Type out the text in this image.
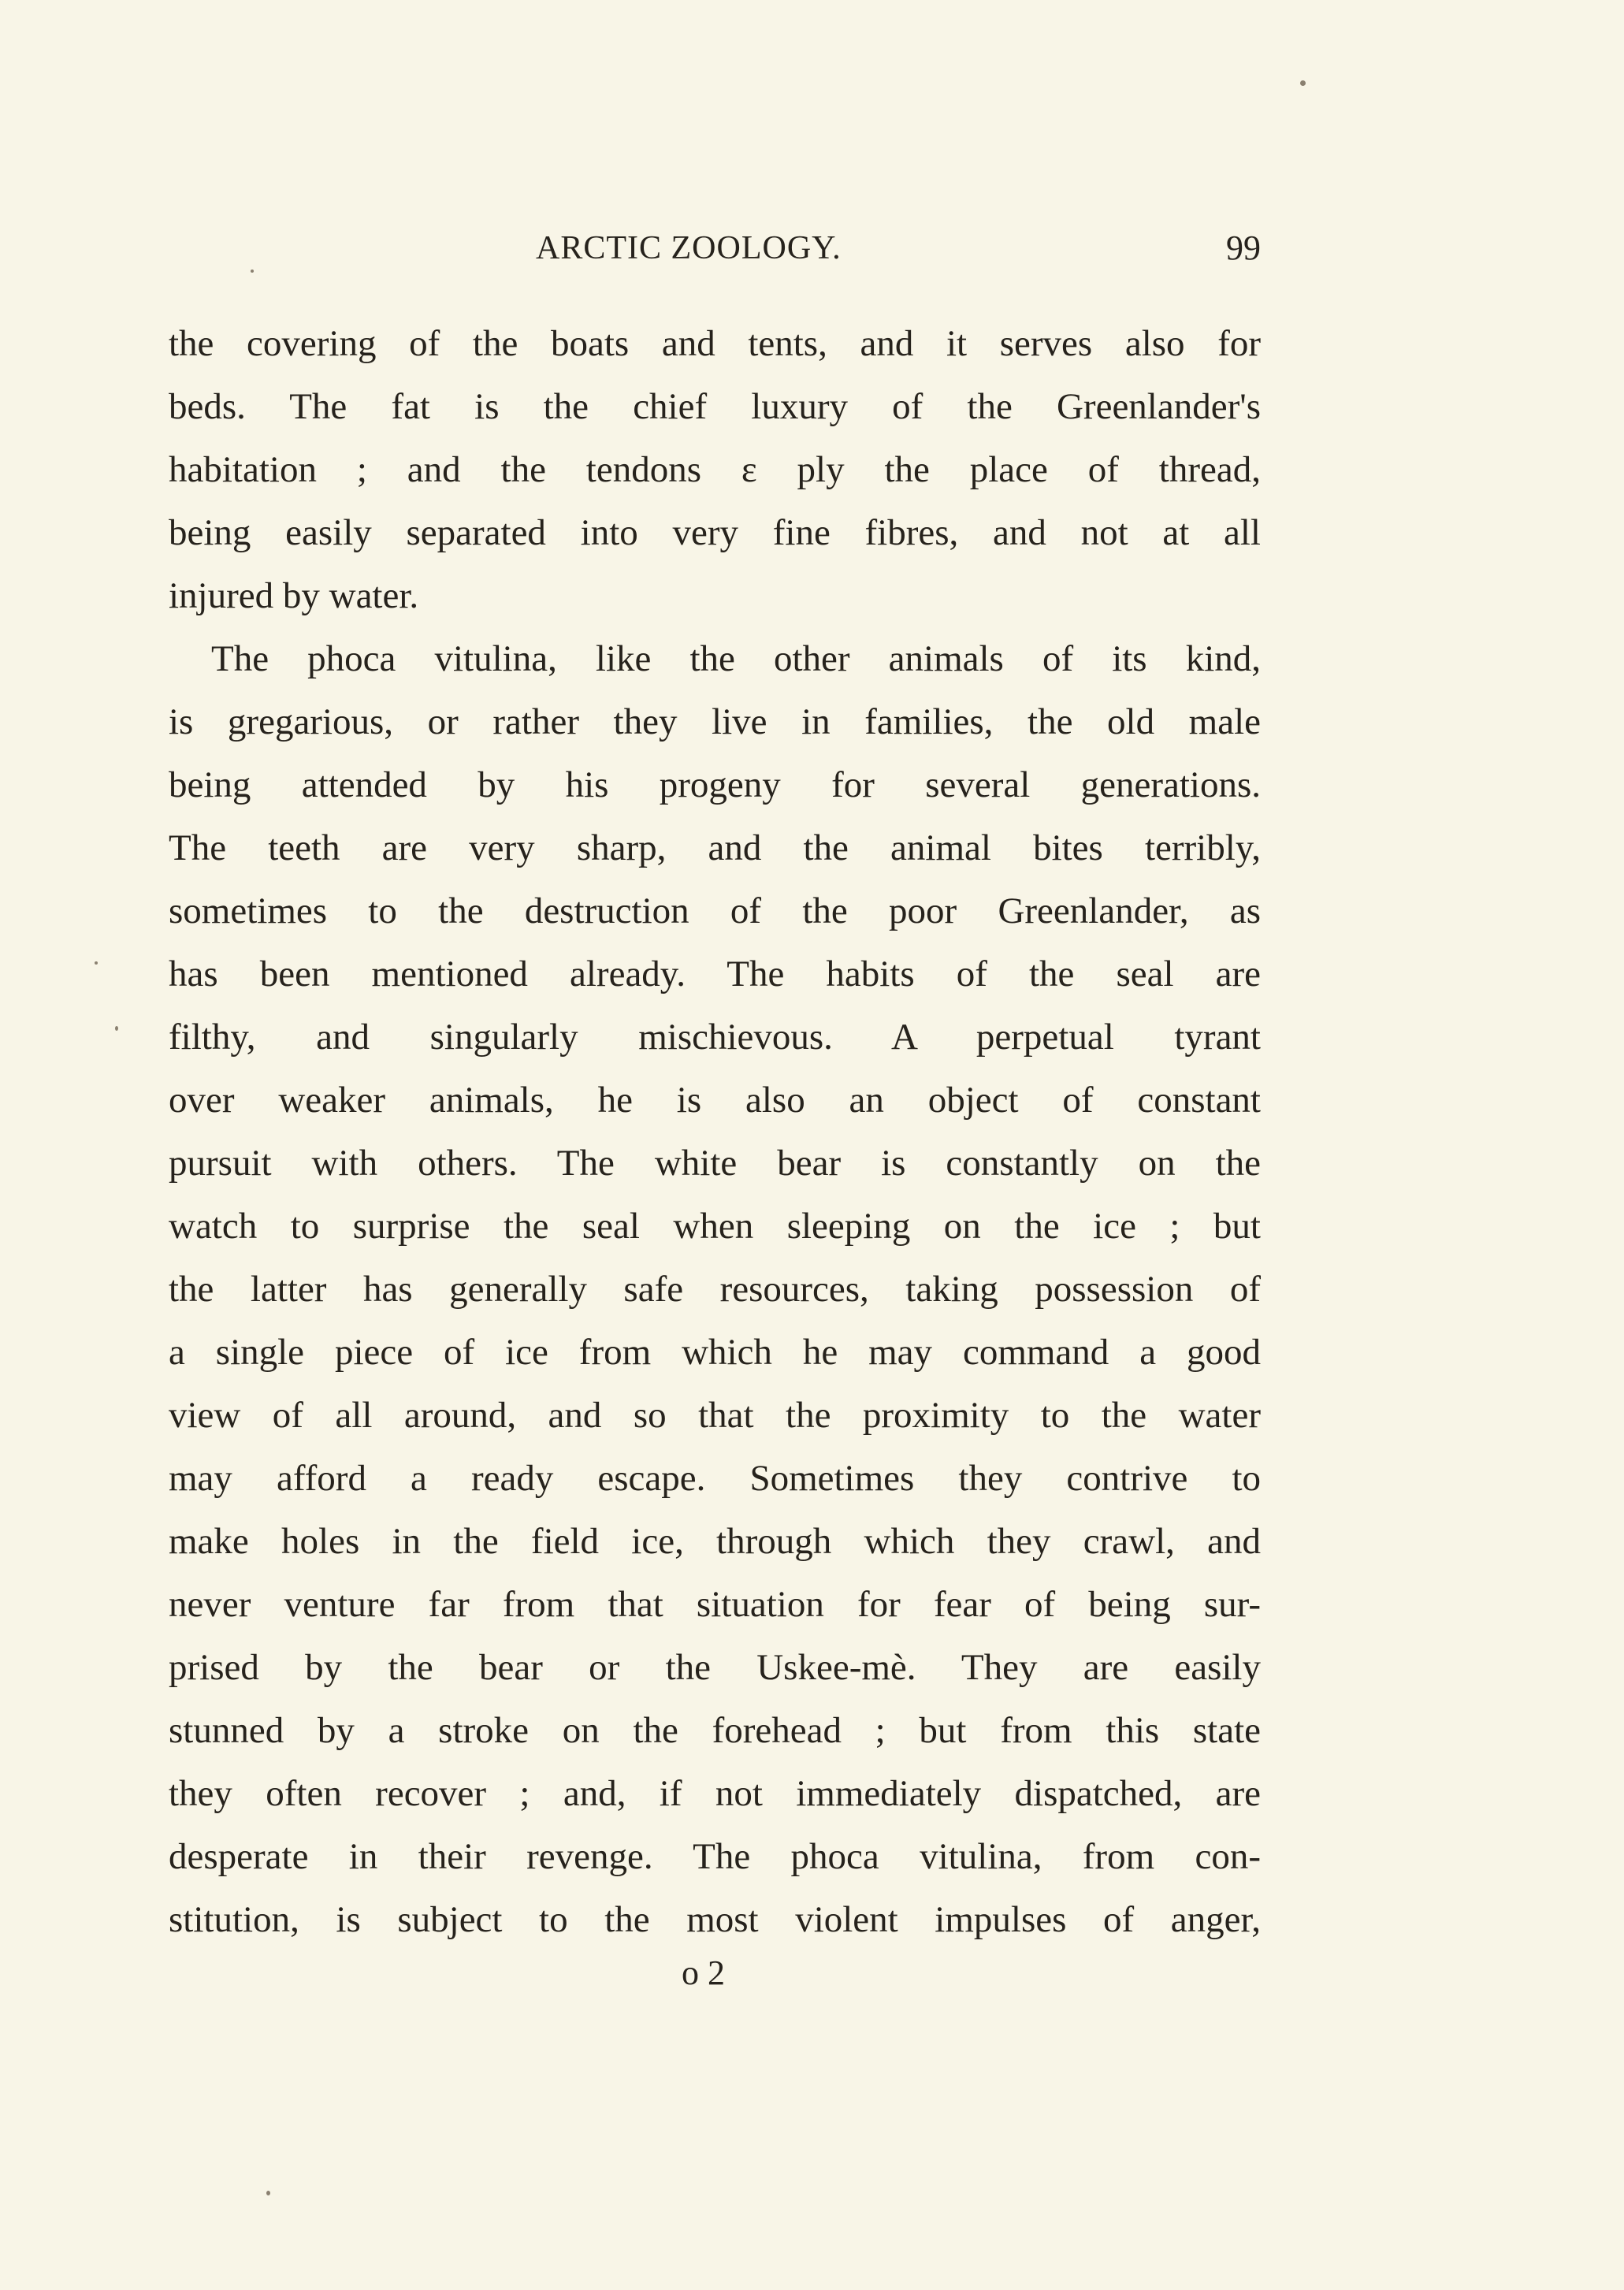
ARCTIC ZOOLOGY.	99
the covering of the boats and tents, and it serves also for
beds. The fat is the chief luxury of the Greenlander's
habitation ; and the tendons ε ply the place of thread,
being easily separated into very fine fibres, and not at all
injured by water.
The phoca vitulina, like the other animals of its kind,
is gregarious, or rather they live in families, the old male
being attended by his progeny for several generations.
The teeth are very sharp, and the animal bites terribly,
sometimes to the destruction of the poor Greenlander, as
has been mentioned already. The habits of the seal are
filthy, and singularly mischievous. A perpetual tyrant
over weaker animals, he is also an object of constant
pursuit with others. The white bear is constantly on the
watch to surprise the seal when sleeping on the ice ; but
the latter has generally safe resources, taking possession of
a single piece of ice from which he may command a good
view of all around, and so that the proximity to the water
may afford a ready escape. Sometimes they contrive to
make holes in the field ice, through which they crawl, and
never venture far from that situation for fear of being sur-
prised by the bear or the Uskee-mè. They are easily
stunned by a stroke on the forehead ; but from this state
they often recover ; and, if not immediately dispatched, are
desperate in their revenge. The phoca vitulina, from con-
stitution, is subject to the most violent impulses of anger,
o 2
